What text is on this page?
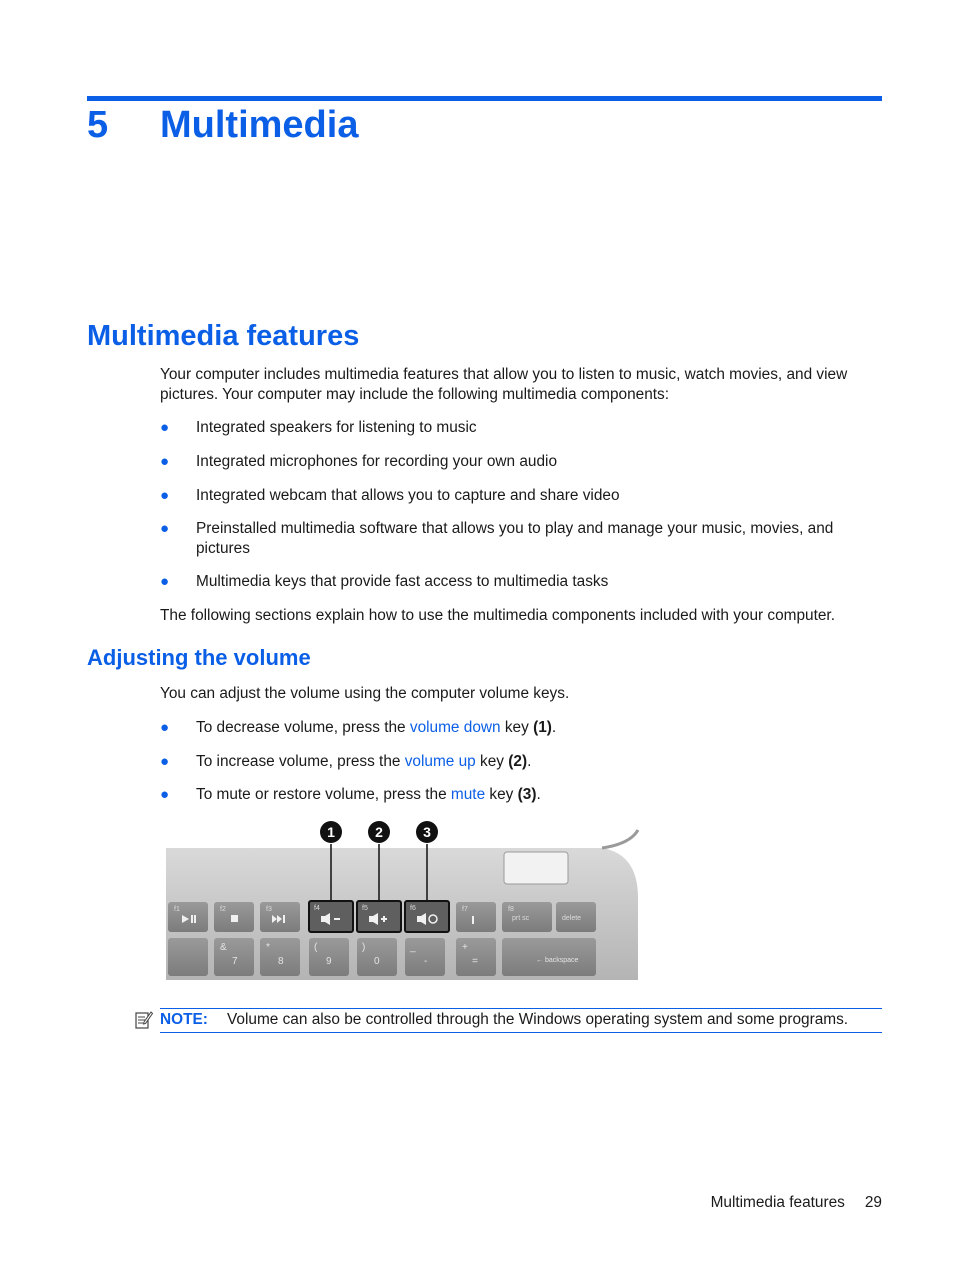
5 Multimedia
Multimedia features

Your computer includes multimedia features that allow you to listen to music, watch movies, and view pictures. Your computer may include the following multimedia components:

● Integrated speakers for listening to music
● Integrated microphones for recording your own audio
● Integrated webcam that allows you to capture and share video
● Preinstalled multimedia software that allows you to play and manage your music, movies, and pictures
● Multimedia keys that provide fast access to multimedia tasks

The following sections explain how to use the multimedia components included with your computer.

Adjusting the volume

You can adjust the volume using the computer volume keys.

● To decrease volume, press the volume down key (1).
● To increase volume, press the volume up key (2).
● To mute or restore volume, press the mute key (3).
f1	f2	f3	f4	f5	f6	f7	f8
prt sc	delete
&
7
*
8
(
9
)
0
_
-
+
=	← backspace
1	2	3
NOTE: Volume can also be controlled through the Windows operating system and some programs.
Multimedia features 29
